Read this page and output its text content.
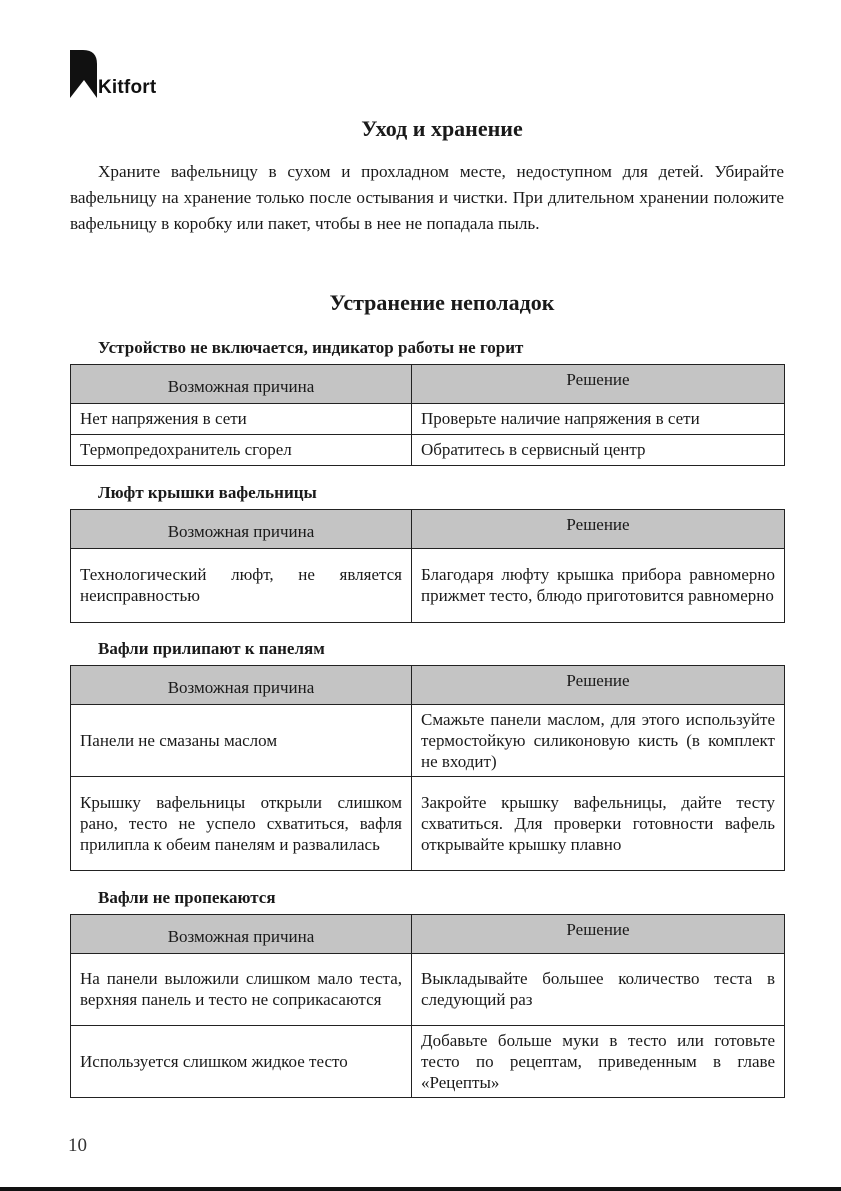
Kitfort
Уход и хранение

Храните вафельницу в сухом и прохладном месте, недоступном для детей. Убирайте вафельницу на хранение только после остывания и чистки. При длительном хранении положите вафельницу в коробку или пакет, чтобы в нее не попадала пыль.

Устранение неполадок
Устройство не включается, индикатор работы не горит
Возможная причина	Решение
Нет напряжения в сети	Проверьте наличие напряжения в сети
Термопредохранитель сгорел	Обратитесь в сервисный центр
Люфт крышки вафельницы
Возможная причина	Решение
Технологический люфт, не является неисправностью	Благодаря люфту крышка прибора равномерно прижмет тесто, блюдо приготовится равномерно
Вафли прилипают к панелям
Возможная причина	Решение
Панели не смазаны маслом	Смажьте панели маслом, для этого используйте термостойкую силиконовую кисть (в комплект не входит)
Крышку вафельницы открыли слишком рано, тесто не успело схватиться, вафля прилипла к обеим панелям и развалилась	Закройте крышку вафельницы, дайте тесту схватиться. Для проверки готовности вафель открывайте крышку плавно
Вафли не пропекаются
Возможная причина	Решение
На панели выложили слишком мало теста, верхняя панель и тесто не соприкасаются	Выкладывайте большее количество теста в следующий раз
Используется слишком жидкое тесто	Добавьте больше муки в тесто или готовьте тесто по рецептам, приведенным в главе «Рецепты»
10
